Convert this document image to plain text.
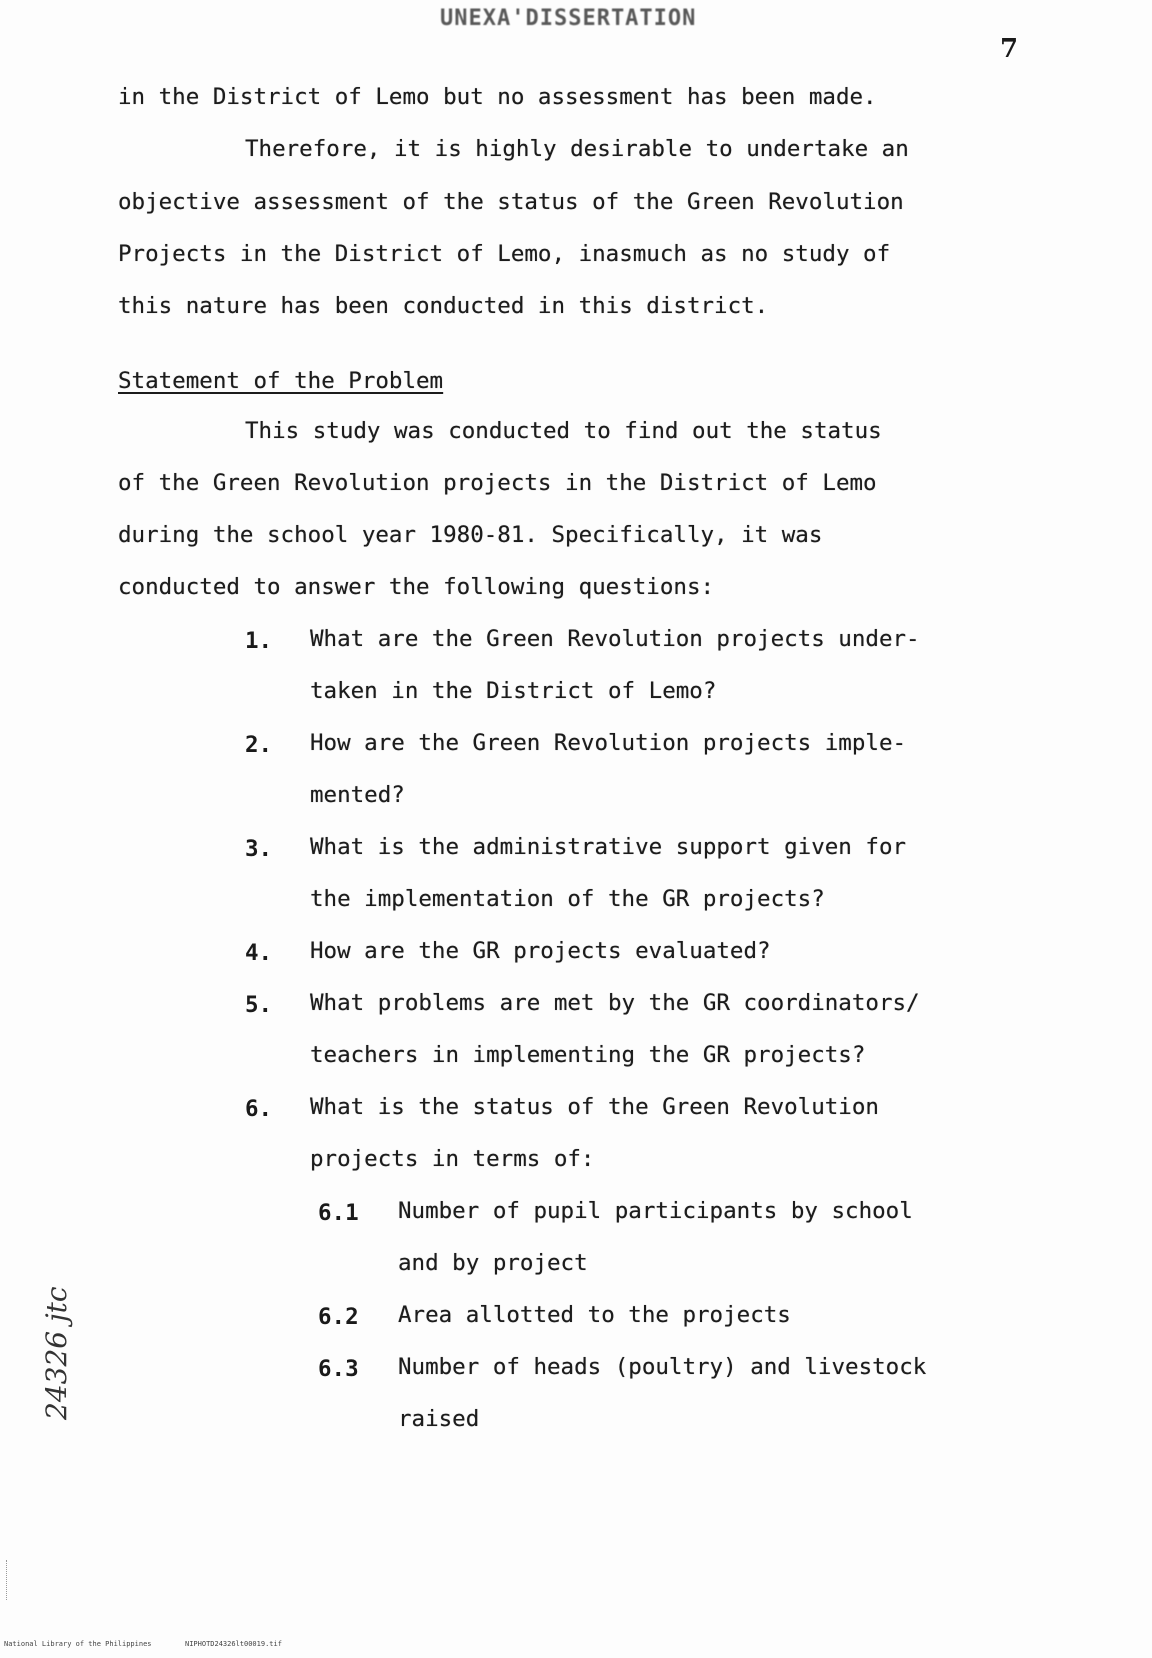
UNEXA'DISSERTATION
7
in the District of Lemo but no assessment has been made.
Therefore, it is highly desirable to undertake an
objective assessment of the status of the Green Revolution
Projects in the District of Lemo, inasmuch as no study of
this nature has been conducted in this district.
Statement of the Problem
This study was conducted to find out the status
of the Green Revolution projects in the District of Lemo
during the school year 1980-81. Specifically, it was
conducted to answer the following questions:
1. What are the Green Revolution projects under-
taken in the District of Lemo?
2. How are the Green Revolution projects imple-
mented?
3. What is the administrative support given for
the implementation of the GR projects?
4. How are the GR projects evaluated?
5. What problems are met by the GR coordinators/
teachers in implementing the GR projects?
6. What is the status of the Green Revolution
projects in terms of:
6.1 Number of pupil participants by school
and by project
6.2 Area allotted to the projects
6.3 Number of heads (poultry) and livestock
raised
24326 jtc
National Library of the Philippines	NIPHOTD24326lt00019.tif
